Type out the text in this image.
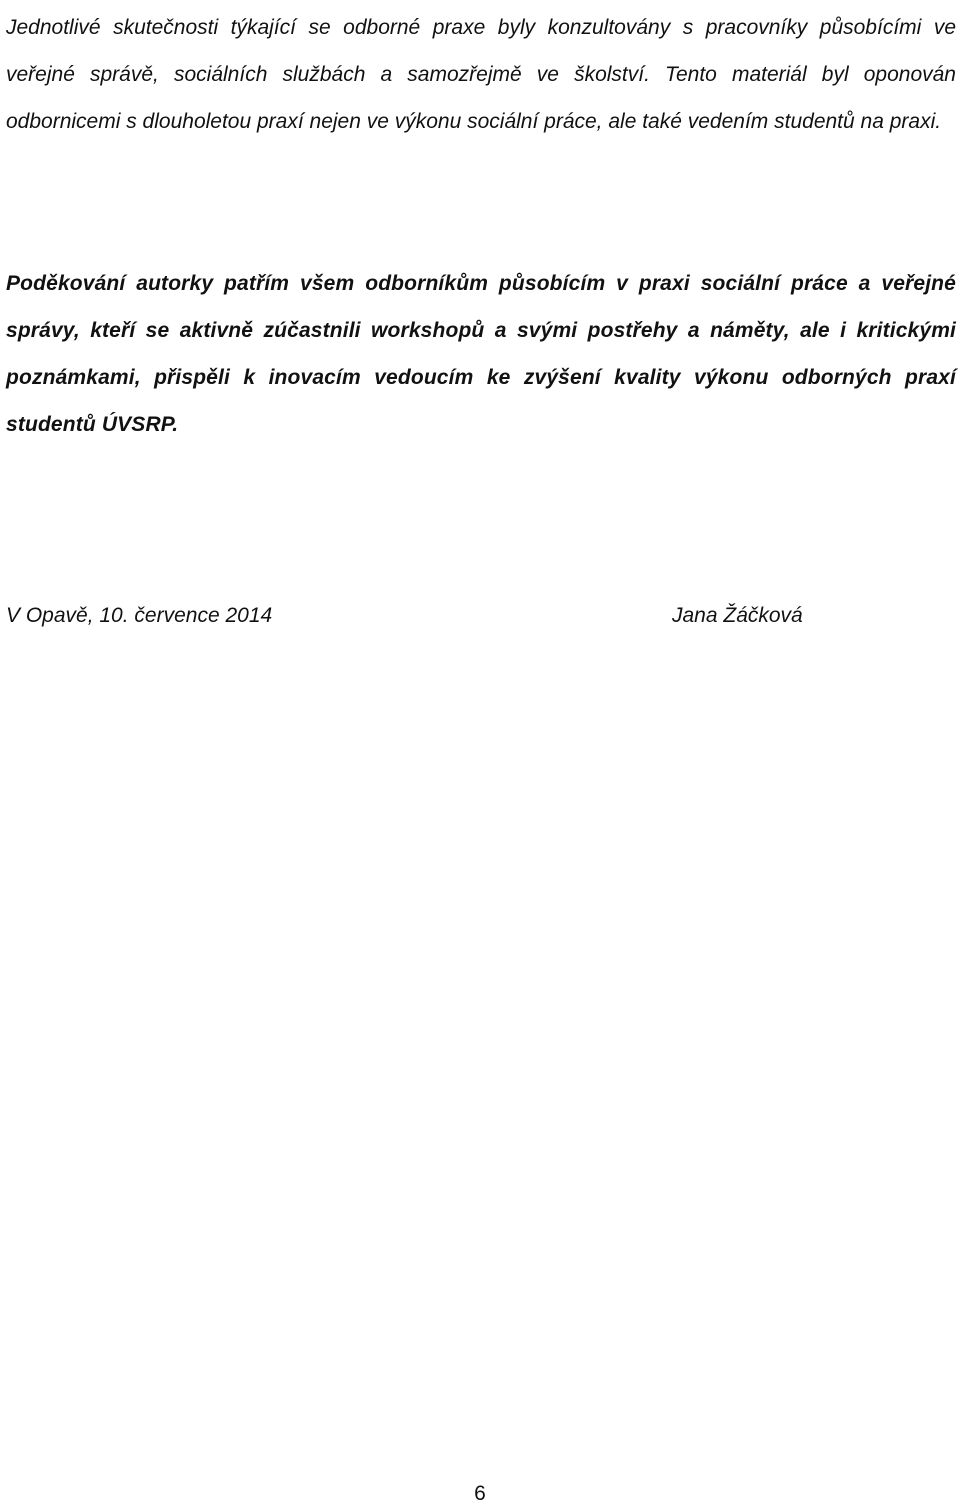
Jednotlivé skutečnosti týkající se odborné praxe byly konzultovány s pracovníky působícími ve veřejné správě, sociálních službách a samozřejmě ve školství. Tento materiál byl oponován odbornicemi s dlouholetou praxí nejen ve výkonu sociální práce, ale také vedením studentů na praxi.

Poděkování autorky patřím všem odborníkům působícím v praxi sociální práce a veřejné správy, kteří se aktivně zúčastnili workshopů a svými postřehy a náměty, ale i kritickými poznámkami, přispěli k inovacím vedoucím ke zvýšení kvality výkonu odborných praxí studentů ÚVSRP.

V Opavě, 10. července 2014	Jana Žáčková
6
